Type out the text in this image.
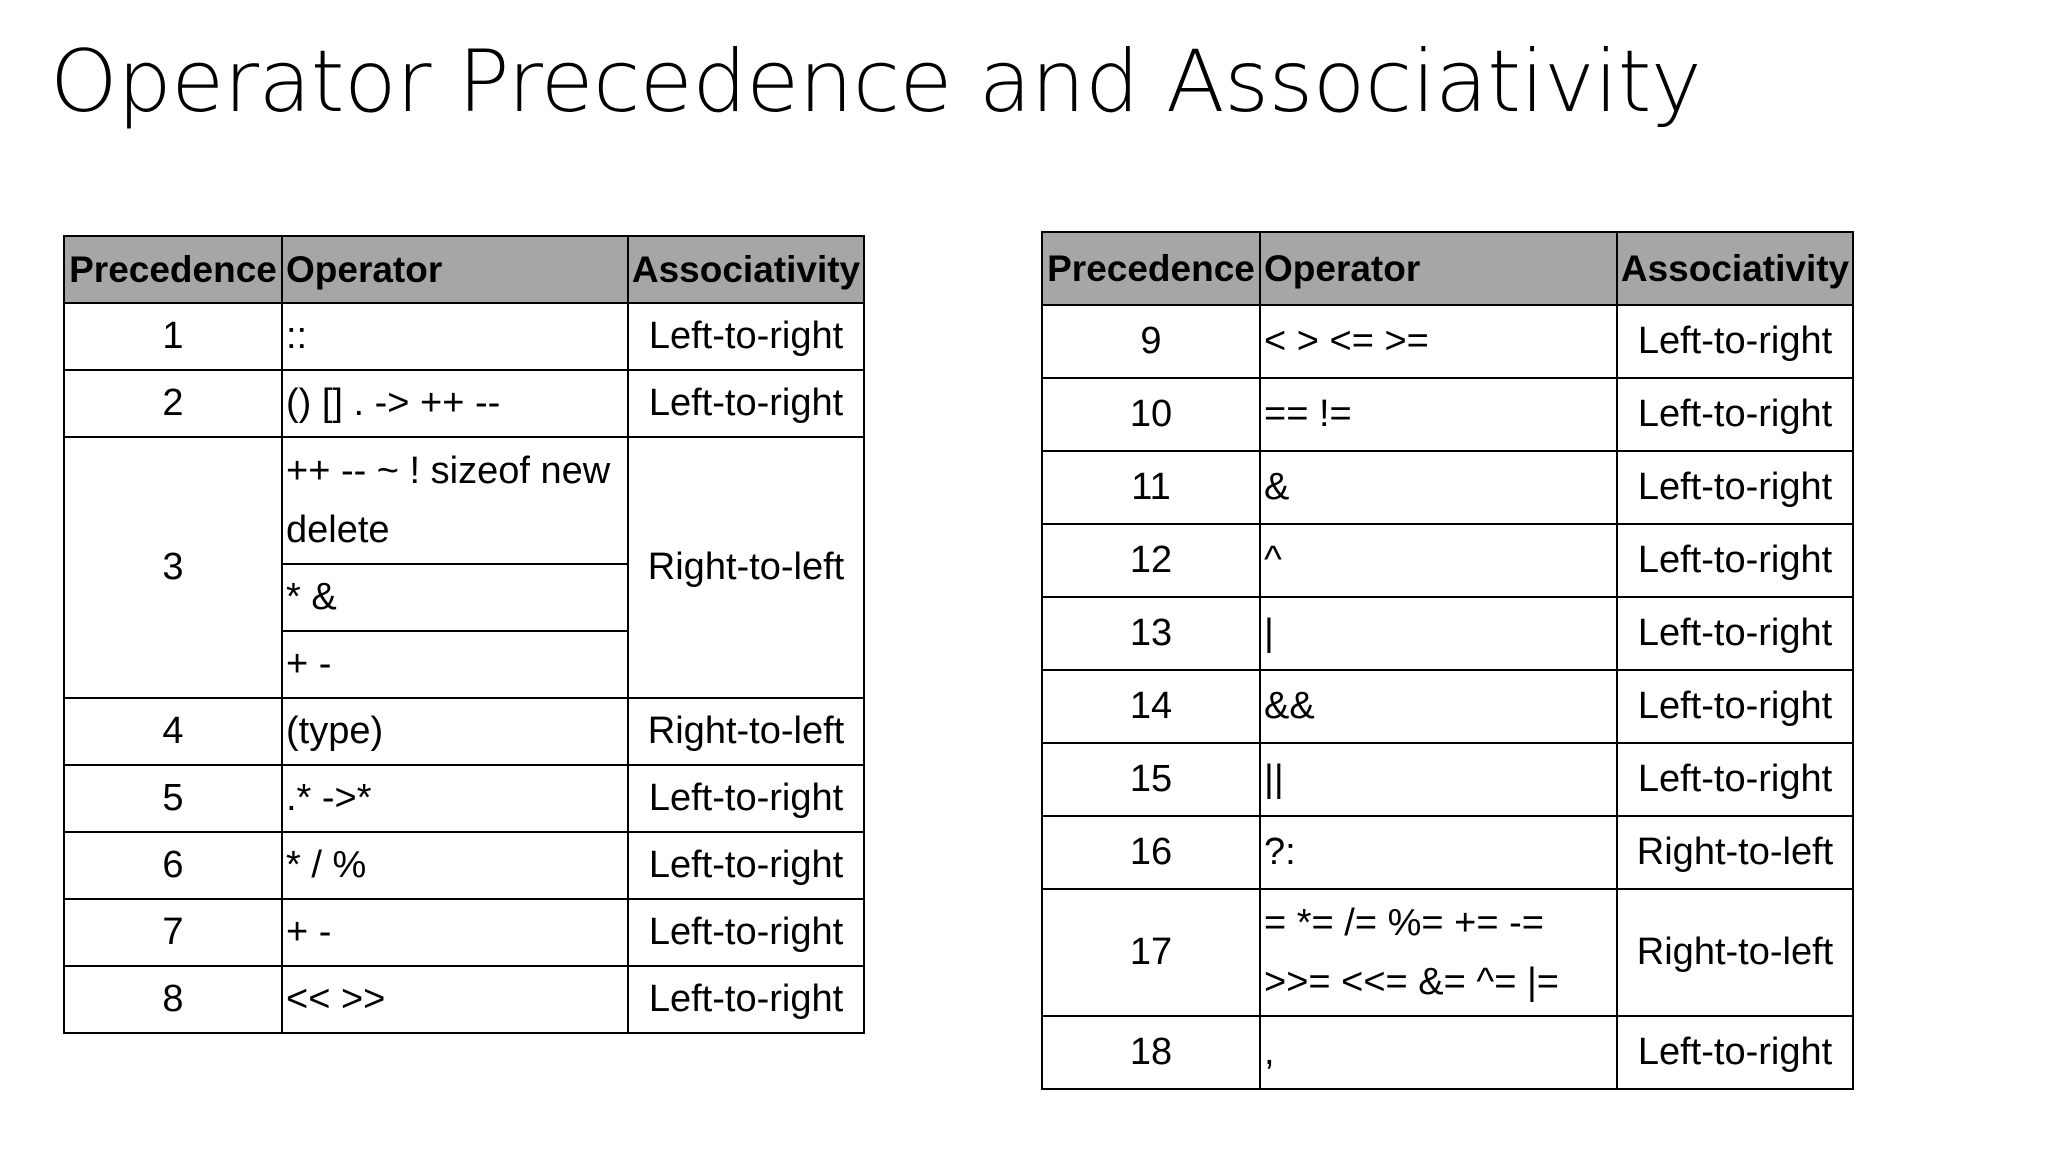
Operator Precedence and Associativity
Precedence	Operator	Associativity
1	::	Left-to-right
2	() [] . -> ++ --	Left-to-right
3	++ -- ~ ! sizeof new delete	Right-to-left
	* &	
	+ -	
4	(type)	Right-to-left
5	.* ->*	Left-to-right
6	* / %	Left-to-right
7	+ -	Left-to-right
8	<< >>	Left-to-right
Precedence	Operator	Associativity
9	< > <= >=	Left-to-right
10	== !=	Left-to-right
11	&	Left-to-right
12	^	Left-to-right
13	|	Left-to-right
14	&&	Left-to-right
15	||	Left-to-right
16	?:	Right-to-left
17	= *= /= %= += -= >>= <<= &= ^= |=	Right-to-left
18	,	Left-to-right
